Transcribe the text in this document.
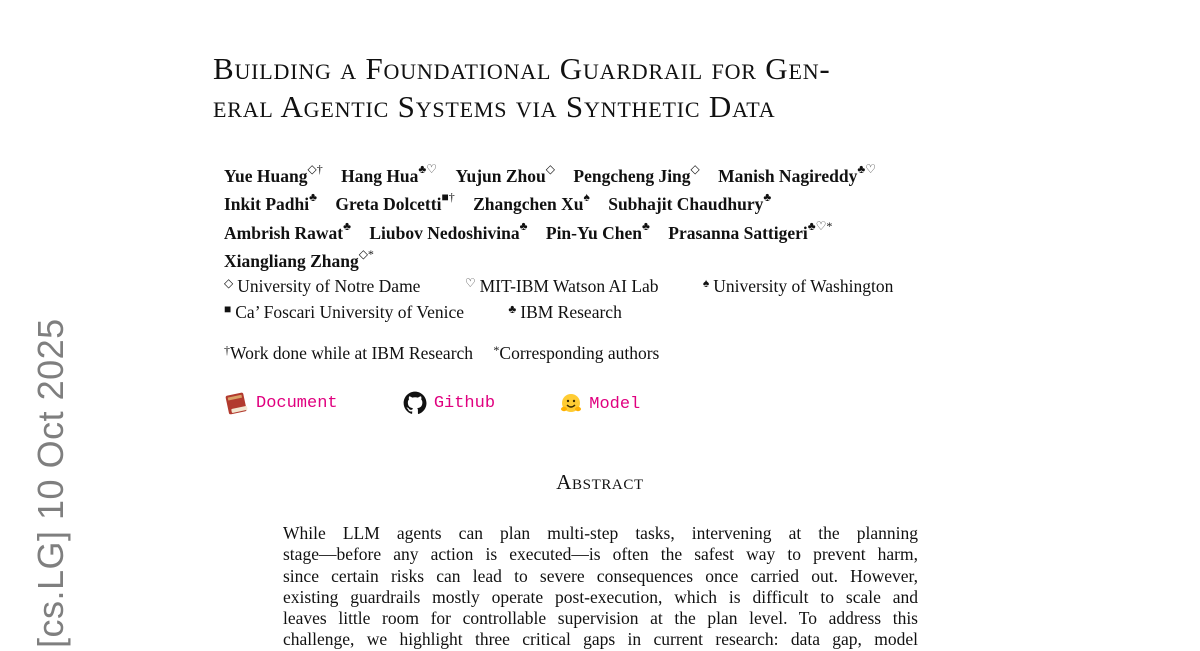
[cs.LG] 10 Oct 2025
Building a Foundational Guardrail for Gen-
eral Agentic Systems via Synthetic Data
Yue Huang◇† Hang Hua♣♡ Yujun Zhou◇ Pengcheng Jing◇ Manish Nagireddy♣♡
Inkit Padhi♣ Greta Dolcetti■† Zhangchen Xu♠ Subhajit Chaudhury♣
Ambrish Rawat♣ Liubov Nedoshivina♣ Pin-Yu Chen♣ Prasanna Sattigeri♣♡*
Xiangliang Zhang◇*
◇ University of Notre Dame	♡ MIT-IBM Watson AI Lab	♠ University of Washington
■ Ca’ Foscari University of Venice	♣ IBM Research
†Work done while at IBM Research *Corresponding authors
Document
	Github
	Model
Abstract
While LLM agents can plan multi-step tasks, intervening at the planning
stage—before any action is executed—is often the safest way to prevent harm,
since certain risks can lead to severe consequences once carried out. However,
existing guardrails mostly operate post-execution, which is difficult to scale and
leaves little room for controllable supervision at the plan level. To address this
challenge, we highlight three critical gaps in current research: data gap, model
